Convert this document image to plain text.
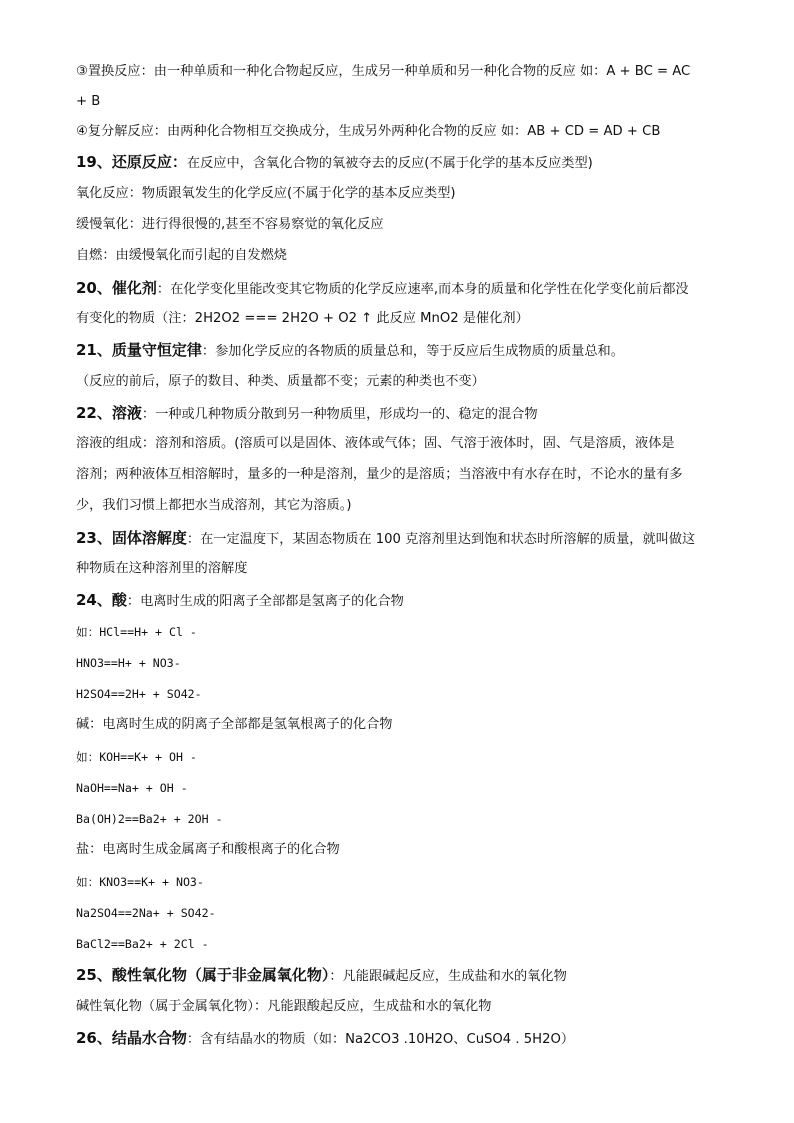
③置换反应：由一种单质和一种化合物起反应，生成另一种单质和另一种化合物的反应 如：A + BC = AC
+ B
④复分解反应：由两种化合物相互交换成分，生成另外两种化合物的反应 如：AB + CD = AD + CB
19、还原反应：在反应中，含氧化合物的氧被夺去的反应(不属于化学的基本反应类型)
氧化反应：物质跟氧发生的化学反应(不属于化学的基本反应类型)
缓慢氧化：进行得很慢的,甚至不容易察觉的氧化反应
自燃：由缓慢氧化而引起的自发燃烧
20、催化剂：在化学变化里能改变其它物质的化学反应速率,而本身的质量和化学性在化学变化前后都没
有变化的物质（注：2H2O2 === 2H2O + O2 ↑ 此反应 MnO2 是催化剂）
21、质量守恒定律：参加化学反应的各物质的质量总和，等于反应后生成物质的质量总和。
（反应的前后，原子的数目、种类、质量都不变；元素的种类也不变）
22、溶液：一种或几种物质分散到另一种物质里，形成均一的、稳定的混合物
溶液的组成：溶剂和溶质。(溶质可以是固体、液体或气体；固、气溶于液体时，固、气是溶质，液体是
溶剂；两种液体互相溶解时，量多的一种是溶剂，量少的是溶质；当溶液中有水存在时，不论水的量有多
少，我们习惯上都把水当成溶剂，其它为溶质。)
23、固体溶解度：在一定温度下，某固态物质在 100 克溶剂里达到饱和状态时所溶解的质量，就叫做这
种物质在这种溶剂里的溶解度
24、酸：电离时生成的阳离子全部都是氢离子的化合物
如：HCl==H+ + Cl -
HNO3==H+ + NO3-
H2SO4==2H+ + SO42-
碱：电离时生成的阴离子全部都是氢氧根离子的化合物
如：KOH==K+ + OH -
NaOH==Na+ + OH -
Ba(OH)2==Ba2+ + 2OH -
盐：电离时生成金属离子和酸根离子的化合物
如：KNO3==K+ + NO3-
Na2SO4==2Na+ + SO42-
BaCl2==Ba2+ + 2Cl -
25、酸性氧化物（属于非金属氧化物）：凡能跟碱起反应，生成盐和水的氧化物
碱性氧化物（属于金属氧化物）：凡能跟酸起反应，生成盐和水的氧化物
26、结晶水合物：含有结晶水的物质（如：Na2CO3 .10H2O、CuSO4 . 5H2O）
